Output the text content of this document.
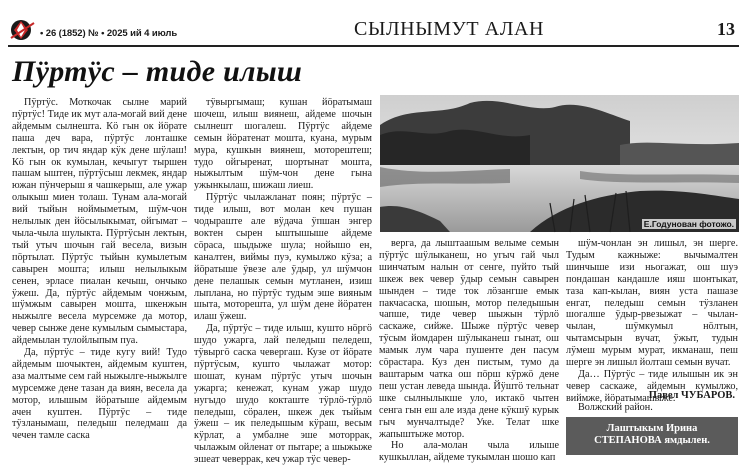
• 26 (1852) № • 2025 ий 4 июль	СЫЛНЫМУТ АЛАН	13
Пӱртӱс – тиде илыш

Пӱртӱс. Моткочак сылне марий пӱртӱс! Тиде ик мут ала-могай вий дене айдемым сылнешта. Кӧ гын ок йӧрате паша деч вара, пӱртӱс лонташке лектын, ор тич яндар кӱк дене шӱлаш! Кӧ гын ок кумылан, кечыгут тыршен пашам ыштен, пӱртӱсыш лекмек, яндар южан пӱнчерыш я чашкерыш, але ужар олыкыш миен толаш. Тунам ала-могай вий тыйын ноймыметым, шӱм-чон нелылык ден йӧсылыкымат, ойгымат – чыла-чыла шулыкта. Пӱртӱсын лектын, тый утыч шочын гай весела, визын пӧртылат. Пӱртӱс тыйын кумылетым савырен мошта; илыш нелылыкым сенен, эрласе пиалан кечыш, ончыко ӱжеш. Да, пӱртӱс айдемым чонжым, шӱмжым савырен мошта, шкенжын ныжылге весела мурсемже да мотор, чевер сынже дене кумылым сымыстара, айдемылан тулойлыпым пуа.

Да, пӱртӱс – тиде кугу вий! Тудо айдемым шочыктен, айдемым куштен, аза малтыме сем гай ныжылге-ныжылге мурсемже дене тазан да виян, весела да мотор, илышым йӧратыше айдемым ачен куштен. Пӱртӱс – тиде тӱзланымаш, пеледыш пеледмаш да чечен тамле саска

тӱвыргымаш; кушан йӧратымаш шочеш, илыш виянеш, айдеме шочын сылнешт шогалеш. Пӱртӱс айдеме семын йӧратенат мошта, куана, мурым мура, кушкын виянеш, моторештеш; тудо ойгыренат, шортынат мошта, ныжылтым шӱм-чон дене гына ужынкылаш, шижаш лиеш.

Пӱртӱс чылажланат поян; пӱртӱс – тиде илыш, вот молан кеч пушан чодыраште але вӱдача ӱпшан энгер воктен сырен ыштышыше айдеме сӧраса, шыдыже шула; нойышо ен, каналтен, виймы пуэ, кумылжо кӱза; а йӧратыше ӱвезе але ӱдыр, ул шӱмчон дене пелашык семын мутланен, изиш лыплана, но пӱртӱс тудым эше вияным шыта, моторешта, ул шӱм дене йӧратен илаш ӱжеш.

Да, пӱртӱс – тиде илыш, кушто нӧргӧ шудо ужарга, лай пеледыш пеледеш, тӱвыргӧ саска чевергаш. Кузе от йӧрате пӱртӱсым, куштo чылажат мотор: шошат, кунам пӱртӱс утыч шочын ужарга; кенежат, кунам ужар шудо нугыдо шудо кокташте тӱрлӧ-тӱрлӧ пеледыш, сӧрален, шкеж дек тыйым ӱжеш – ик пеледышым кӱраш, весым кӱрлат, а умбалне эше моторрак, чылажым ойленат от пытаре; а шыжыже эшеат чеверрак, кеч ужар тӱс чевер-

Е.Годунован фотожо.

верга, да лыштаашым велыме семын пӱртӱс шӱлыканеш, но угыч гай чыл шинчатым налын от сенге, пуйто тый шкеж век чевер ӱдыр семын савырен шынден – тиде ток лӧзангше емык пакчасаска, шошын, мотор пеледышын чапше, тиде чевер шыжын тӱрлӧ саскаже, сийже. Шыже пӱртӱс чевер тӱсым йомдарен шӱлыканеш гынат, ош мамык лум чара пушенте ден пасум сӧрастара. Куз ден пистым, тумо да ваштарым чатка ош пӧрш кӱржӧ дене пеш устан леведа шында. Йӱштӧ тельнат шке сылнылыкше уло, иктакӧ чытен сенга гын еш але изда дене кӱкшӱ курык гыч мунчалтыде? Уке. Телат шке жапыштыже мотор.

Но ала-молан чыла илыше кушкыллан, айдеме тукымлан шошо кап

шӱм-чонлан эн лишыл, эн шерге. Тудым кажныже: вычымалтен шинчыше изи ньогажат, ош шуэ пондашан кандашле ияш шонтыкат, таза кап-кылан, виян уста пашазе енгат, пеледыш семын тӱзланен шогалше ӱдыр-рвезыжат – чылан-чылан, шӱмкумыл нӧлтын, чытамсырын вучат, ӱжыт, тудын лӱмеш мурым мурат, икманаш, пеш шерге эн лишыл йолташ семын вучат.

Да… Пӱртӱс – тиде илышын ик эн чевер саскаже, айдемын кумылжо, виймже, йӧратымашыже.

Павел ЧУБАРОВ.
Волжский район.
Лаштыкым Ирина
СТЕПАНОВА ямдылен.
